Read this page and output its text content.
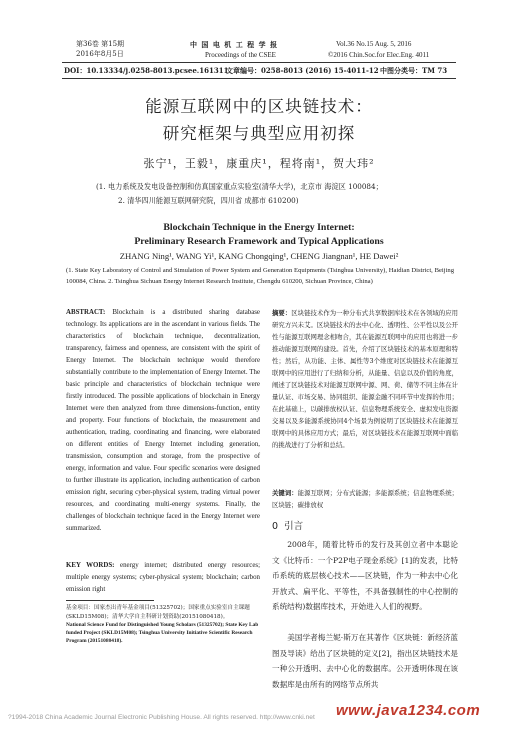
第36卷 第15期
2016年8月5日
中 国 电 机 工 程 学 报
Proceedings of the CSEE
Vol.36 No.15 Aug. 5, 2016
©2016 Chin.Soc.for Elec.Eng. 4011
DOI：10.13334/j.0258-8013.pcsee.161311
文章编号：0258-8013 (2016) 15-4011-12 中图分类号：TM 73
能源互联网中的区块链技术：
研究框架与典型应用初探
张宁¹，王毅¹，康重庆¹，程将南¹，贺大玮²
(1. 电力系统及发电设备控制和仿真国家重点实验室(清华大学)，北京市 海淀区 100084；
2. 清华四川能源互联网研究院，四川省 成都市 610200)
Blockchain Technique in the Energy Internet:
Preliminary Research Framework and Typical Applications
ZHANG Ning¹, WANG Yi¹, KANG Chongqing¹, CHENG Jiangnan¹, HE Dawei²
(1. State Key Laboratory of Control and Simulation of Power System and Generation Equipments (Tsinghua University), Haidian District, Beijing 100084, China. 2. Tsinghua Sichuan Energy Internet Research Institute, Chengdu 610200, Sichuan Province, China)
ABSTRACT: Blockchain is a distributed sharing database technology. Its applications are in the ascendant in various fields. The characteristics of blockchain technique, decentralization, transparency, fairness and openness, are consistent with the spirit of Energy Internet. The blockchain technique would therefore substantially contribute to the implementation of Energy Internet. The basic principle and characteristics of blockchain technique were firstly introduced. The possible applications of blockchain in Energy Internet were then analyzed from three dimensions-function, entity and property. Four functions of blockchain, the measurement and authentication, trading, coordinating and financing, were elaborated on different entities of Energy Internet including generation, transmission, consumption and storage, from the prospective of energy, information and value. Four specific scenarios were designed to further illustrate its application, including authentication of carbon emission right, securing cyber-physical system, trading virtual power resources, and coordinating multi-energy systems. Finally, the challenges of blockchain technique faced in the Energy Internet were summarized.
KEY WORDS: energy internet; distributed energy resources; multiple energy systems; cyber-physical system; blockchain; carbon emission right
基金项目：国家杰出青年基金项目(51325702)；国家重点实验室自主课题(SKLD15M08)；清华大学自主科研计划资助(20151080418)。
National Science Fund for Distinguished Young Scholars (51325702); State Key Lab funded Project (SKLD15M08); Tsinghua University Initiative Scientific Research Program (20151080418).
摘要：区块链技术作为一种分布式共享数据库技术在各领域的应用研究方兴未艾。区块链技术的去中心化、透明性、公平性以及公开性与能源互联网理念相吻合，其在能源互联网中的应用也将进一步推动能源互联网的建设。首先，介绍了区块链技术的基本原理和特性；然后，从功能、主体、属性等3个维度对区块链技术在能源互联网中的应用进行了归纳和分析，从能量、信息以及价值的角度，阐述了区块链技术对能源互联网中源、网、荷、储等不同主体在计量认证、市场交易、协同组织、能源金融不同环节中发挥的作用；在此基础上，以碳排放权认证、信息物理系统安全、虚拟发电资源交易以及多能源系统协同4个场景为例说明了区块链技术在能源互联网中的具体应用方式；最后，对区块链技术在能源互联网中面临的挑战进行了分析和总结。
关键词：能源互联网；分布式能源；多能源系统；信息物理系统；区块链；碳排放权
0 引言
2008年，随着比特币的发行及其创立者中本聪论文《比特币：一个P2P电子现金系统》[1]的发表，比特币系统的底层核心技术——区块链，作为一种去中心化开放式、扁平化、平等性，不具备强制性的中心控制的系统结构)数据库技术，开始进入人们的视野。
美国学者梅兰妮·斯万在其著作《区块链：新经济蓝图及导读》给出了区块链的定义[2]，指出区块链技术是一种公开透明、去中心化的数据库。公开透明体现在该数据库是由所有的网络节点所共
?1994-2018 China Academic Journal Electronic Publishing House. All rights reserved. http://www.cnki.net www.java1234.com
